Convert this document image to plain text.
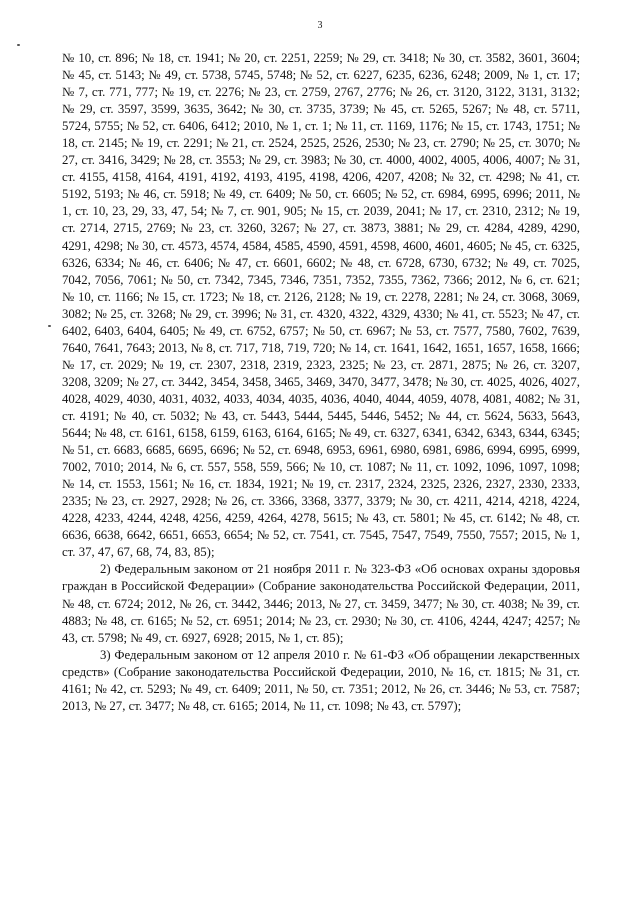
3

№ 10, ст. 896; № 18, ст. 1941; № 20, ст. 2251, 2259; № 29, ст. 3418; № 30, ст. 3582, 3601, 3604; № 45, ст. 5143; № 49, ст. 5738, 5745, 5748; № 52, ст. 6227, 6235, 6236, 6248; 2009, № 1, ст. 17; № 7, ст. 771, 777; № 19, ст. 2276; № 23, ст. 2759, 2767, 2776; № 26, ст. 3120, 3122, 3131, 3132; № 29, ст. 3597, 3599, 3635, 3642; № 30, ст. 3735, 3739; № 45, ст. 5265, 5267; № 48, ст. 5711, 5724, 5755; № 52, ст. 6406, 6412; 2010, № 1, ст. 1; № 11, ст. 1169, 1176; № 15, ст. 1743, 1751; № 18, ст. 2145; № 19, ст. 2291; № 21, ст. 2524, 2525, 2526, 2530; № 23, ст. 2790; № 25, ст. 3070; № 27, ст. 3416, 3429; № 28, ст. 3553; № 29, ст. 3983; № 30, ст. 4000, 4002, 4005, 4006, 4007; № 31, ст. 4155, 4158, 4164, 4191, 4192, 4193, 4195, 4198, 4206, 4207, 4208; № 32, ст. 4298; № 41, ст. 5192, 5193; № 46, ст. 5918; № 49, ст. 6409; № 50, ст. 6605; № 52, ст. 6984, 6995, 6996; 2011, № 1, ст. 10, 23, 29, 33, 47, 54; № 7, ст. 901, 905; № 15, ст. 2039, 2041; № 17, ст. 2310, 2312; № 19, ст. 2714, 2715, 2769; № 23, ст. 3260, 3267; № 27, ст. 3873, 3881; № 29, ст. 4284, 4289, 4290, 4291, 4298; № 30, ст. 4573, 4574, 4584, 4585, 4590, 4591, 4598, 4600, 4601, 4605; № 45, ст. 6325, 6326, 6334; № 46, ст. 6406; № 47, ст. 6601, 6602; № 48, ст. 6728, 6730, 6732; № 49, ст. 7025, 7042, 7056, 7061; № 50, ст. 7342, 7345, 7346, 7351, 7352, 7355, 7362, 7366; 2012, № 6, ст. 621; № 10, ст. 1166; № 15, ст. 1723; № 18, ст. 2126, 2128; № 19, ст. 2278, 2281; № 24, ст. 3068, 3069, 3082; № 25, ст. 3268; № 29, ст. 3996; № 31, ст. 4320, 4322, 4329, 4330; № 41, ст. 5523; № 47, ст. 6402, 6403, 6404, 6405; № 49, ст. 6752, 6757; № 50, ст. 6967; № 53, ст. 7577, 7580, 7602, 7639, 7640, 7641, 7643; 2013, № 8, ст. 717, 718, 719, 720; № 14, ст. 1641, 1642, 1651, 1657, 1658, 1666; № 17, ст. 2029; № 19, ст. 2307, 2318, 2319, 2323, 2325; № 23, ст. 2871, 2875; № 26, ст. 3207, 3208, 3209; № 27, ст. 3442, 3454, 3458, 3465, 3469, 3470, 3477, 3478; № 30, ст. 4025, 4026, 4027, 4028, 4029, 4030, 4031, 4032, 4033, 4034, 4035, 4036, 4040, 4044, 4059, 4078, 4081, 4082; № 31, ст. 4191; № 40, ст. 5032; № 43, ст. 5443, 5444, 5445, 5446, 5452; № 44, ст. 5624, 5633, 5643, 5644; № 48, ст. 6161, 6158, 6159, 6163, 6164, 6165; № 49, ст. 6327, 6341, 6342, 6343, 6344, 6345; № 51, ст. 6683, 6685, 6695, 6696; № 52, ст. 6948, 6953, 6961, 6980, 6981, 6986, 6994, 6995, 6999, 7002, 7010; 2014, № 6, ст. 557, 558, 559, 566; № 10, ст. 1087; № 11, ст. 1092, 1096, 1097, 1098; № 14, ст. 1553, 1561; № 16, ст. 1834, 1921; № 19, ст. 2317, 2324, 2325, 2326, 2327, 2330, 2333, 2335; № 23, ст. 2927, 2928; № 26, ст. 3366, 3368, 3377, 3379; № 30, ст. 4211, 4214, 4218, 4224, 4228, 4233, 4244, 4248, 4256, 4259, 4264, 4278, 5615; № 43, ст. 5801; № 45, ст. 6142; № 48, ст. 6636, 6638, 6642, 6651, 6653, 6654; № 52, ст. 7541, ст. 7545, 7547, 7549, 7550, 7557; 2015, № 1, ст. 37, 47, 67, 68, 74, 83, 85);

2) Федеральным законом от 21 ноября 2011 г. № 323-ФЗ «Об основах охраны здоровья граждан в Российской Федерации» (Собрание законодательства Российской Федерации, 2011, № 48, ст. 6724; 2012, № 26, ст. 3442, 3446; 2013, № 27, ст. 3459, 3477; № 30, ст. 4038; № 39, ст. 4883; № 48, ст. 6165; № 52, ст. 6951; 2014; № 23, ст. 2930; № 30, ст. 4106, 4244, 4247; 4257; № 43, ст. 5798; № 49, ст. 6927, 6928; 2015, № 1, ст. 85);

3) Федеральным законом от 12 апреля 2010 г. № 61-ФЗ «Об обращении лекарственных средств» (Собрание законодательства Российской Федерации, 2010, № 16, ст. 1815; № 31, ст. 4161; № 42, ст. 5293; № 49, ст. 6409; 2011, № 50, ст. 7351; 2012, № 26, ст. 3446; № 53, ст. 7587; 2013, № 27, ст. 3477; № 48, ст. 6165; 2014, № 11, ст. 1098; № 43, ст. 5797);
